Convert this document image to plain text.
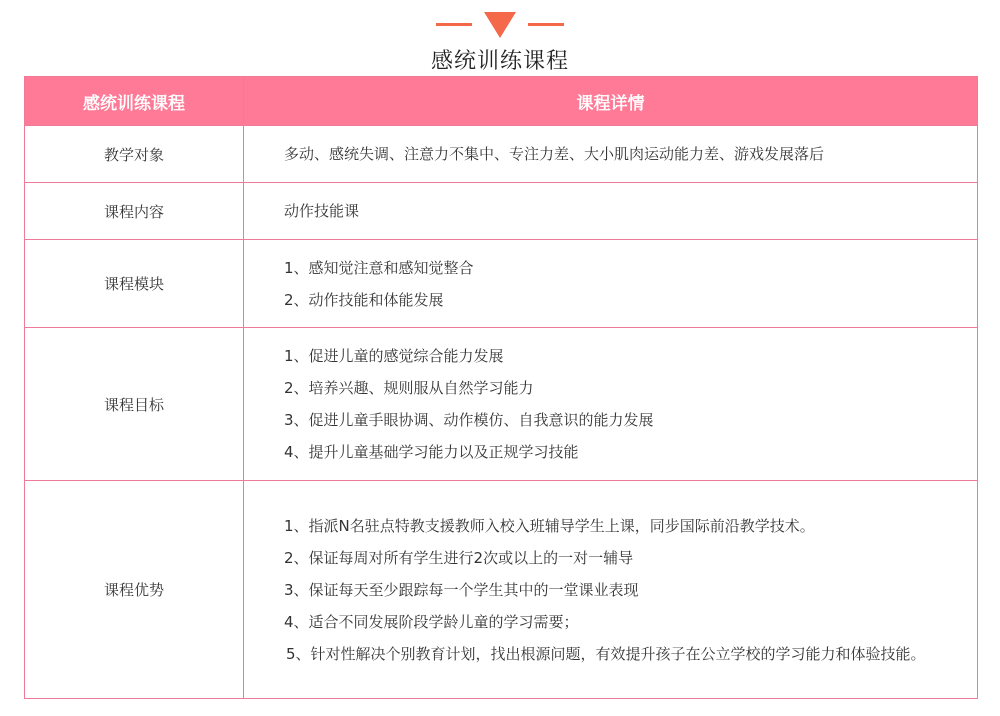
感统训练课程
感统训练课程	课程详情
教学对象	多动、感统失调、注意力不集中、专注力差、大小肌肉运动能力差、游戏发展落后

课程内容	动作技能课

课程模块	1、感知觉注意和感知觉整合
2、动作技能和体能发展

课程目标	1、促进儿童的感觉综合能力发展
2、培养兴趣、规则服从自然学习能力
3、促进儿童手眼协调、动作模仿、自我意识的能力发展
4、提升儿童基础学习能力以及正规学习技能

课程优势	1、指派N名驻点特教支援教师入校入班辅导学生上课，同步国际前沿教学技术。
2、保证每周对所有学生进行2次或以上的一对一辅导
3、保证每天至少跟踪每一个学生其中的一堂课业表现
4、适合不同发展阶段学龄儿童的学习需要；
5、针对性解决个别教育计划，找出根源问题，有效提升孩子在公立学校的学习能力和体验技能。
